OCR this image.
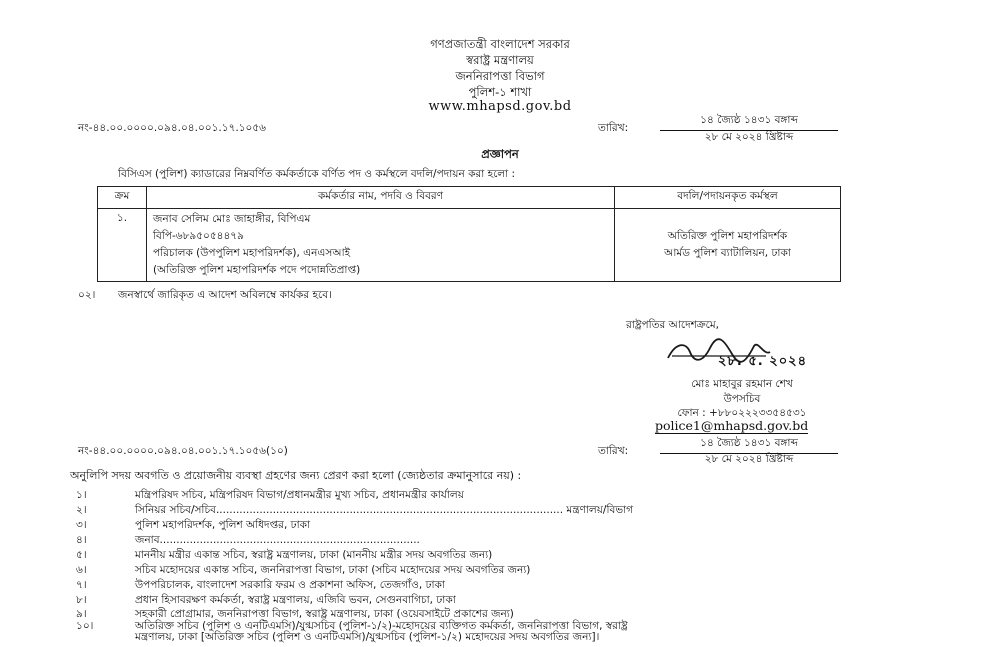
গণপ্রজাতন্ত্রী বাংলাদেশ সরকার
স্বরাষ্ট্র মন্ত্রণালয়
জননিরাপত্তা বিভাগ
পুলিশ-১ শাখা
www.mhapsd.gov.bd
নং-৪৪.০০.০০০০.০৯৪.০৪.০০১.১৭.১০৫৬	তারিখ:
১৪ জ্যৈষ্ঠ ১৪৩১ বঙ্গাব্দ
২৮ মে ২০২৪ খ্রিষ্টাব্দ
প্রজ্ঞাপন
বিসিএস (পুলিশ) ক্যাডারের নিম্নবর্ণিত কর্মকর্তাকে বর্ণিত পদ ও কর্মস্থলে বদলি/পদায়ন করা হলো :
ক্রম	কর্মকর্তার নাম, পদবি ও বিবরণ	বদলি/পদায়নকৃত কর্মস্থল
১.	জনাব সেলিম মোঃ জাহাঙ্গীর, বিপিএম
বিপি-৬৮৯৫০৫৪৪৭৯
পরিচালক (উপপুলিশ মহাপরিদর্শক), এনএসআই
(অতিরিক্ত পুলিশ মহাপরিদর্শক পদে পদোন্নতিপ্রাপ্ত)	অতিরিক্ত পুলিশ মহাপরিদর্শক
আর্মড পুলিশ ব্যাটালিয়ন, ঢাকা
০২। জনস্বার্থে জারিকৃত এ আদেশ অবিলম্বে কার্যকর হবে।
রাষ্ট্রপতির আদেশক্রমে,
২৮. ৫. ২০২৪
মোঃ মাহাবুর রহমান শেখ
উপসচিব
ফোন : +৮৮০২২২৩৩৫৪৫৩১
police1@mhapsd.gov.bd
নং-৪৪.০০.০০০০.০৯৪.০৪.০০১.১৭.১০৫৬(১০)	তারিখ:
১৪ জ্যৈষ্ঠ ১৪৩১ বঙ্গাব্দ
২৮ মে ২০২৪ খ্রিষ্টাব্দ
অনুলিপি সদয় অবগতি ও প্রয়োজনীয় ব্যবস্থা গ্রহণের জন্য প্রেরণ করা হলো (জ্যেষ্ঠতার ক্রমানুসারে নয়) :
১।	মন্ত্রিপরিষদ সচিব, মন্ত্রিপরিষদ বিভাগ/প্রধানমন্ত্রীর মুখ্য সচিব, প্রধানমন্ত্রীর কার্যালয়
২।	সিনিয়র সচিব/সচিব........................................................................................................ মন্ত্রণালয়/বিভাগ
৩।	পুলিশ মহাপরিদর্শক, পুলিশ অধিদপ্তর, ঢাকা
৪।	জনাব..............................................................................
৫।	মাননীয় মন্ত্রীর একান্ত সচিব, স্বরাষ্ট্র মন্ত্রণালয়, ঢাকা (মাননীয় মন্ত্রীর সদয় অবগতির জন্য)
৬।	সচিব মহোদয়ের একান্ত সচিব, জননিরাপত্তা বিভাগ, ঢাকা (সচিব মহোদয়ের সদয় অবগতির জন্য)
৭।	উপপরিচালক, বাংলাদেশ সরকারি ফরম ও প্রকাশনা অফিস, তেজগাঁও, ঢাকা
৮।	প্রধান হিসাবরক্ষণ কর্মকর্তা, স্বরাষ্ট্র মন্ত্রণালয়, এজিবি ভবন, সেগুনবাগিচা, ঢাকা
৯।	সহকারী প্রোগ্রামার, জননিরাপত্তা বিভাগ, স্বরাষ্ট্র মন্ত্রণালয়, ঢাকা (ওয়েবসাইটে প্রকাশের জন্য)
১০।	অতিরিক্ত সচিব (পুলিশ ও এনটিএমসি)/যুগ্মসচিব (পুলিশ-১/২)-মহোদয়ের ব্যক্তিগত কর্মকর্তা, জননিরাপত্তা বিভাগ, স্বরাষ্ট্র
মন্ত্রণালয়, ঢাকা [অতিরিক্ত সচিব (পুলিশ ও এনটিএমসি)/যুগ্মসচিব (পুলিশ-১/২) মহোদয়ের সদয় অবগতির জন্য]।
